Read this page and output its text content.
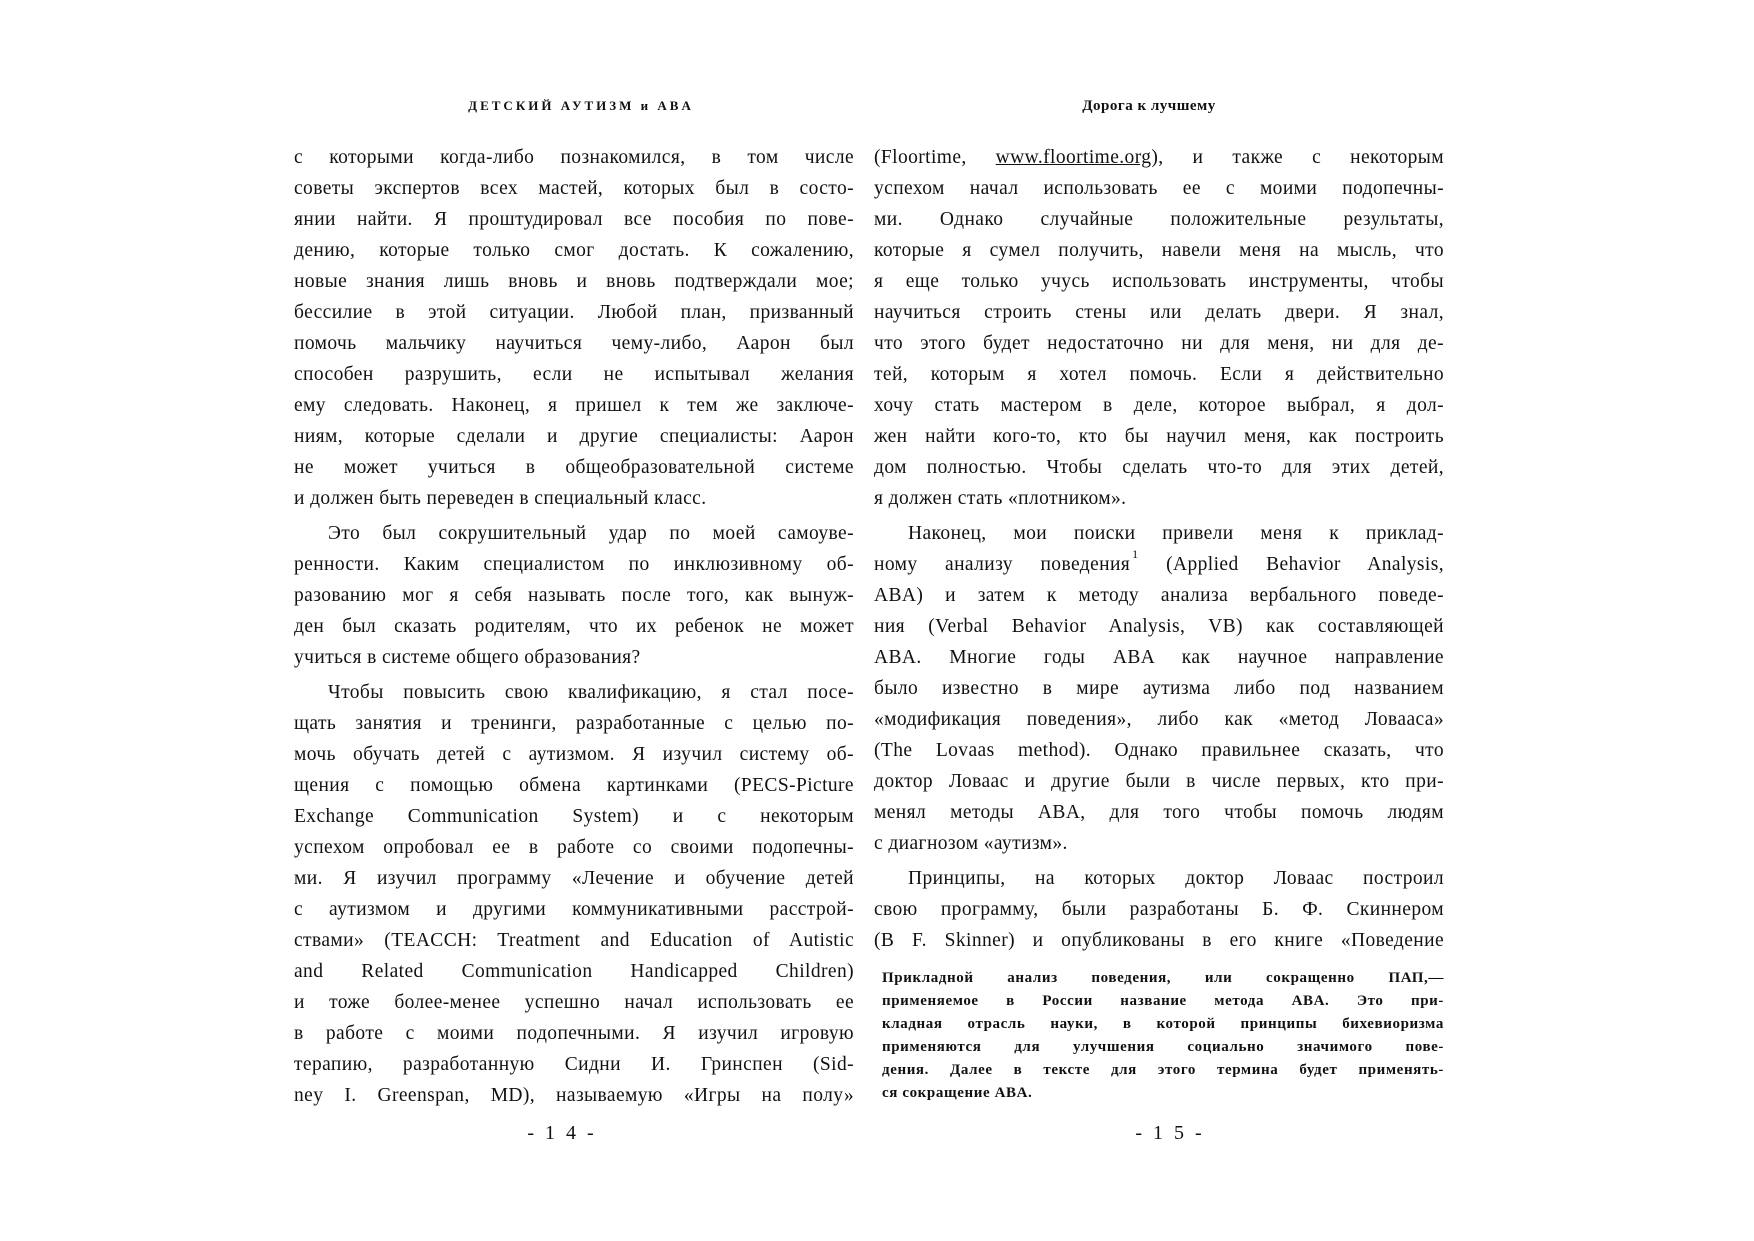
ДЕТСКИЙ АУТИЗМ и ABA
с которыми когда-либо познакомился, в том числе
советы экспертов всех мастей, которых был в состо-
янии найти. Я проштудировал все пособия по пове-
дению, которые только смог достать. К сожалению,
новые знания лишь вновь и вновь подтверждали мое;
бессилие в этой ситуации. Любой план, призванный
помочь мальчику научиться чему-либо, Аарон был
способен разрушить, если не испытывал желания
ему следовать. Наконец, я пришел к тем же заключе-
ниям, которые сделали и другие специалисты: Аарон
не может учиться в общеобразовательной системе
и должен быть переведен в специальный класс.
Это был сокрушительный удар по моей самоуве-
ренности. Каким специалистом по инклюзивному об-
разованию мог я себя называть после того, как вынуж-
ден был сказать родителям, что их ребенок не может
учиться в системе общего образования?
Чтобы повысить свою квалификацию, я стал посе-
щать занятия и тренинги, разработанные с целью по-
мочь обучать детей с аутизмом. Я изучил систему об-
щения с помощью обмена картинками (PECS-Picture
Exchange Communication System) и с некоторым
успехом опробовал ее в работе со своими подопечны-
ми. Я изучил программу «Лечение и обучение детей
с аутизмом и другими коммуникативными расстрой-
ствами» (TEACCH: Treatment and Education of Autistic
and Related Communication Handicapped Children)
и тоже более-менее успешно начал использовать ее
в работе с моими подопечными. Я изучил игровую
терапию, разработанную Сидни И. Гринспен (Sid-
ney I. Greenspan, MD), называемую «Игры на полу»
- 1 4 -
Дорога к лучшему
(Floortime, www.floortime.org), и также с некоторым
успехом начал использовать ее с моими подопечны-
ми. Однако случайные положительные результаты,
которые я сумел получить, навели меня на мысль, что
я еще только учусь использовать инструменты, чтобы
научиться строить стены или делать двери. Я знал,
что этого будет недостаточно ни для меня, ни для де-
тей, которым я хотел помочь. Если я действительно
хочу стать мастером в деле, которое выбрал, я дол-
жен найти кого-то, кто бы научил меня, как построить
дом полностью. Чтобы сделать что-то для этих детей,
я должен стать «плотником».
Наконец, мои поиски привели меня к приклад-
ному анализу поведения $^1$ (Applied Behavior Analysis,
ABA) и затем к методу анализа вербального поведе-
ния (Verbal Behavior Analysis, VB) как составляющей
ABA. Многие годы ABA как научное направление
было известно в мире аутизма либо под названием
«модификация поведения», либо как «метод Ловааса»
(The Lovaas method). Однако правильнее сказать, что
доктор Ловаас и другие были в числе первых, кто при-
менял методы ABA, для того чтобы помочь людям
с диагнозом «аутизм».
Принципы, на которых доктор Ловаас построил
свою программу, были разработаны Б. Ф. Скиннером
(B F. Skinner) и опубликованы в его книге «Поведение
Прикладной анализ поведения, или сокращенно ПАП,—
применяемое в России название метода ABA. Это при-
кладная отрасль науки, в которой принципы бихевиоризма
применяются для улучшения социально значимого пове-
дения. Далее в тексте для этого термина будет применять-
ся сокращение ABA.
- 1 5 -
